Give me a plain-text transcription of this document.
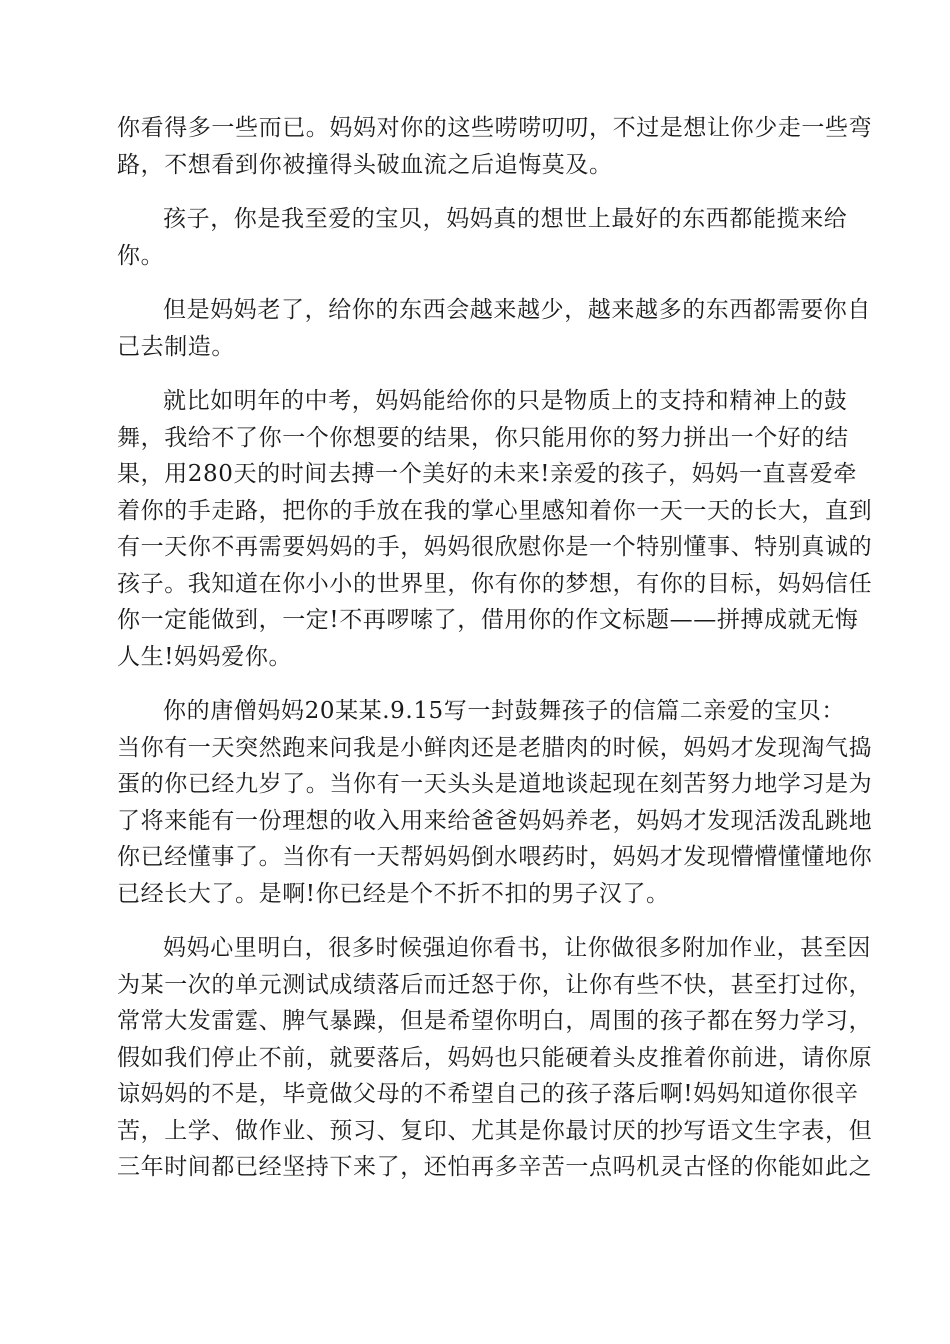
你看得多一些而已。妈妈对你的这些唠唠叨叨，不过是想让你少走一些弯
路，不想看到你被撞得头破血流之后追悔莫及。

孩子，你是我至爱的宝贝，妈妈真的想世上最好的东西都能揽来给
你。

但是妈妈老了，给你的东西会越来越少，越来越多的东西都需要你自
己去制造。

就比如明年的中考，妈妈能给你的只是物质上的支持和精神上的鼓
舞，我给不了你一个你想要的结果，你只能用你的努力拼出一个好的结
果，用280天的时间去搏一个美好的未来!亲爱的孩子，妈妈一直喜爱牵
着你的手走路，把你的手放在我的掌心里感知着你一天一天的长大，直到
有一天你不再需要妈妈的手，妈妈很欣慰你是一个特别懂事、特别真诚的
孩子。我知道在你小小的世界里，你有你的梦想，有你的目标，妈妈信任
你一定能做到，一定!不再啰嗦了，借用你的作文标题——拼搏成就无悔
人生!妈妈爱你。

你的唐僧妈妈20某某.9.15写一封鼓舞孩子的信篇二亲爱的宝贝：
当你有一天突然跑来问我是小鲜肉还是老腊肉的时候，妈妈才发现淘气捣
蛋的你已经九岁了。当你有一天头头是道地谈起现在刻苦努力地学习是为
了将来能有一份理想的收入用来给爸爸妈妈养老，妈妈才发现活泼乱跳地
你已经懂事了。当你有一天帮妈妈倒水喂药时，妈妈才发现懵懵懂懂地你
已经长大了。是啊!你已经是个不折不扣的男子汉了。

妈妈心里明白，很多时候强迫你看书，让你做很多附加作业，甚至因
为某一次的单元测试成绩落后而迁怒于你，让你有些不快，甚至打过你，
常常大发雷霆、脾气暴躁，但是希望你明白，周围的孩子都在努力学习，
假如我们停止不前，就要落后，妈妈也只能硬着头皮推着你前进，请你原
谅妈妈的不是，毕竟做父母的不希望自己的孩子落后啊!妈妈知道你很辛
苦，上学、做作业、预习、复印、尤其是你最讨厌的抄写语文生字表，但
三年时间都已经坚持下来了，还怕再多辛苦一点吗机灵古怪的你能如此之
